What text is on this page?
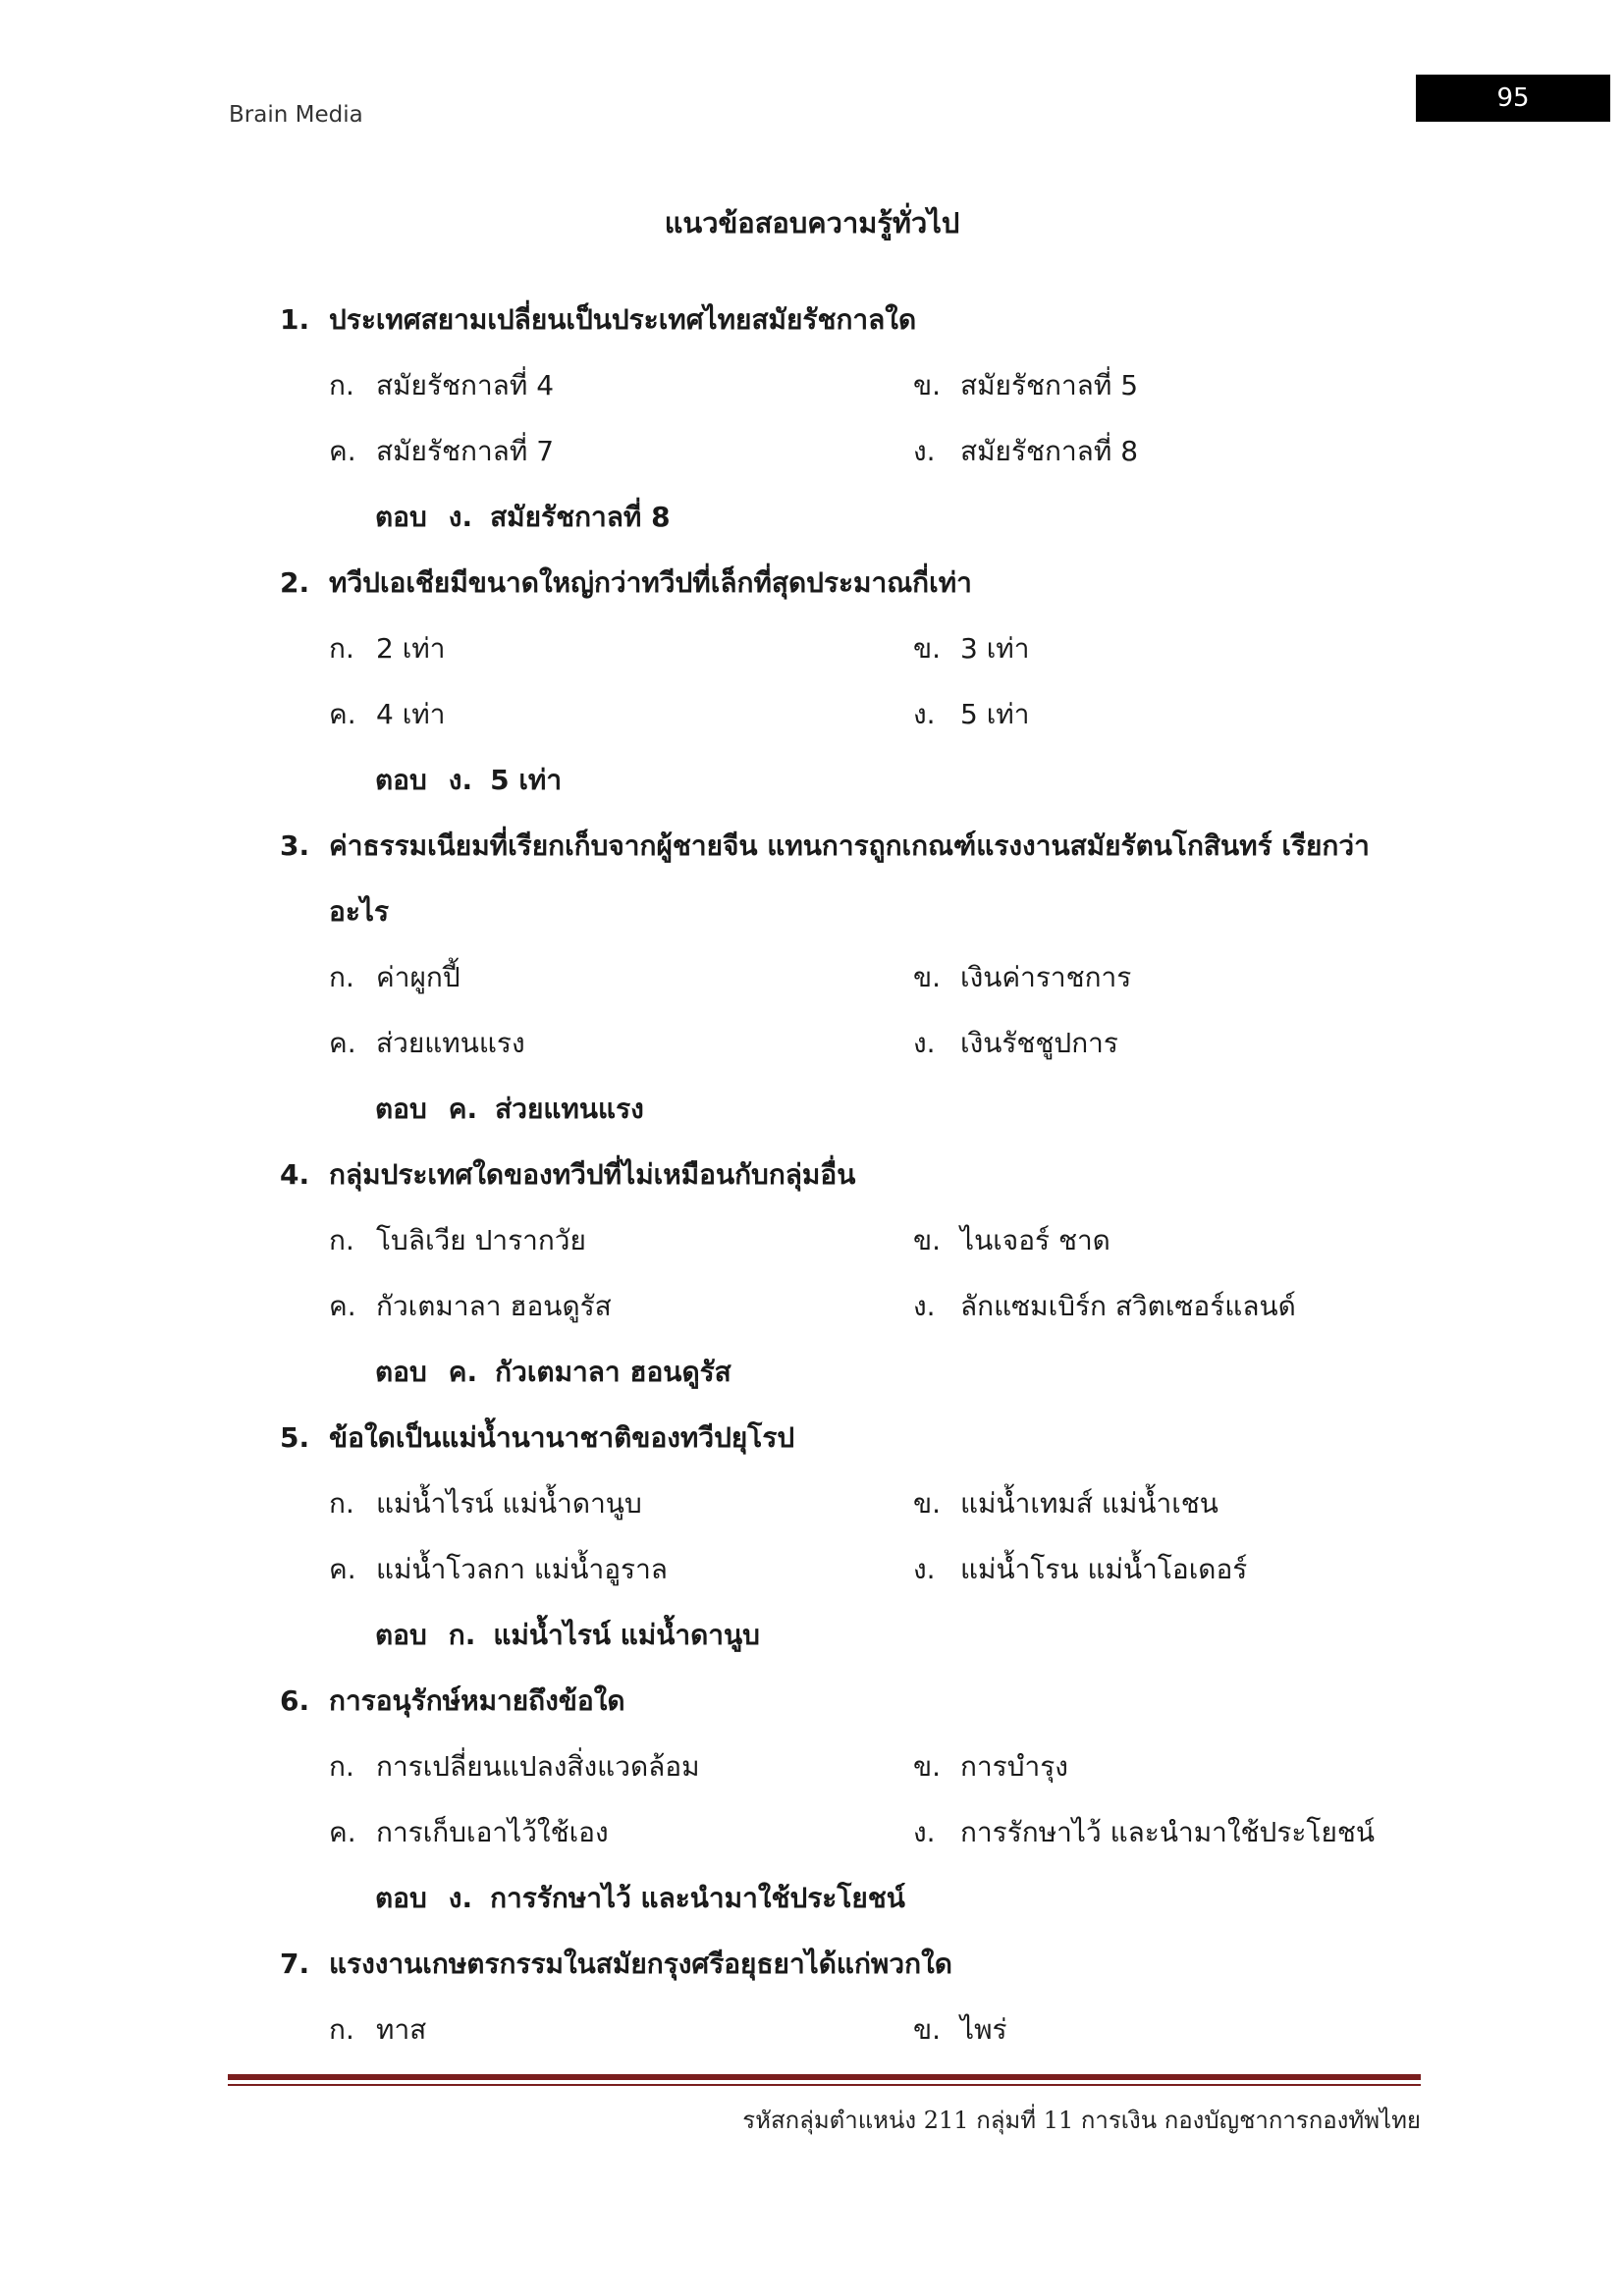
Brain Media
95
แนวข้อสอบความรู้ทั่วไป
1. ประเทศสยามเปลี่ยนเป็นประเทศไทยสมัยรัชกาลใด
ก. สมัยรัชกาลที่ 4	ข. สมัยรัชกาลที่ 5
ค. สมัยรัชกาลที่ 7	ง. สมัยรัชกาลที่ 8
ตอบ ง. สมัยรัชกาลที่ 8
2. ทวีปเอเชียมีขนาดใหญ่กว่าทวีปที่เล็กที่สุดประมาณกี่เท่า
ก. 2 เท่า	ข. 3 เท่า
ค. 4 เท่า	ง. 5 เท่า
ตอบ ง. 5 เท่า
3. ค่าธรรมเนียมที่เรียกเก็บจากผู้ชายจีน แทนการถูกเกณฑ์แรงงานสมัยรัตนโกสินทร์ เรียกว่าอะไร
ก. ค่าผูกปี้	ข. เงินค่าราชการ
ค. ส่วยแทนแรง	ง. เงินรัชชูปการ
ตอบ ค. ส่วยแทนแรง
4. กลุ่มประเทศใดของทวีปที่ไม่เหมือนกับกลุ่มอื่น
ก. โบลิเวีย ปารากวัย	ข. ไนเจอร์ ชาด
ค. กัวเตมาลา ฮอนดูรัส	ง. ลักแซมเบิร์ก สวิตเซอร์แลนด์
ตอบ ค. กัวเตมาลา ฮอนดูรัส
5. ข้อใดเป็นแม่น้ำนานาชาติของทวีปยุโรป
ก. แม่น้ำไรน์ แม่น้ำดานูบ	ข. แม่น้ำเทมส์ แม่น้ำเชน
ค. แม่น้ำโวลกา แม่น้ำอูราล	ง. แม่น้ำโรน แม่น้ำโอเดอร์
ตอบ ก. แม่น้ำไรน์ แม่น้ำดานูบ
6. การอนุรักษ์หมายถึงข้อใด
ก. การเปลี่ยนแปลงสิ่งแวดล้อม	ข. การบำรุง
ค. การเก็บเอาไว้ใช้เอง	ง. การรักษาไว้ และนำมาใช้ประโยชน์
ตอบ ง. การรักษาไว้ และนำมาใช้ประโยชน์
7. แรงงานเกษตรกรรมในสมัยกรุงศรีอยุธยาได้แก่พวกใด
ก. ทาส	ข. ไพร่
รหัสกลุ่มตำแหน่ง 211 กลุ่มที่ 11 การเงิน กองบัญชาการกองทัพไทย
